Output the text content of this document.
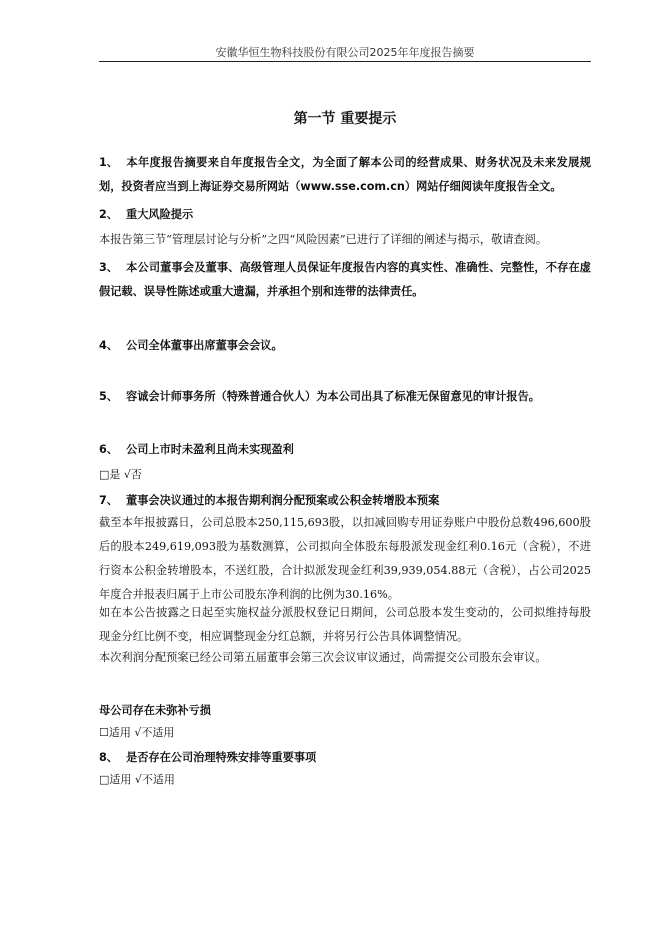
安徽华恒生物科技股份有限公司2025年年度报告摘要
第一节 重要提示
1、 本年度报告摘要来自年度报告全文，为全面了解本公司的经营成果、财务状况及未来发展规划，投资者应当到上海证券交易所网站（www.sse.com.cn）网站仔细阅读年度报告全文。
2、 重大风险提示
本报告第三节“管理层讨论与分析”之四“风险因素”已进行了详细的阐述与揭示，敬请查阅。
3、 本公司董事会及董事、高级管理人员保证年度报告内容的真实性、准确性、完整性，不存在虚假记载、误导性陈述或重大遗漏，并承担个别和连带的法律责任。
4、 公司全体董事出席董事会会议。
5、 容诚会计师事务所（特殊普通合伙人）为本公司出具了标准无保留意见的审计报告。
6、 公司上市时未盈利且尚未实现盈利
□是 √否
7、 董事会决议通过的本报告期利润分配预案或公积金转增股本预案
截至本年报披露日，公司总股本250,115,693股，以扣减回购专用证券账户中股份总数496,600股后的股本249,619,093股为基数测算，公司拟向全体股东每股派发现金红利0.16元（含税），不进行资本公积金转增股本，不送红股，合计拟派发现金红利39,939,054.88元（含税），占公司2025年度合并报表归属于上市公司股东净利润的比例为30.16%。
如在本公告披露之日起至实施权益分派股权登记日期间，公司总股本发生变动的，公司拟维持每股现金分红比例不变，相应调整现金分红总额，并将另行公告具体调整情况。
本次利润分配预案已经公司第五届董事会第三次会议审议通过，尚需提交公司股东会审议。
母公司存在未弥补亏损
☐适用 √不适用
8、 是否存在公司治理特殊安排等重要事项
□适用 √不适用
